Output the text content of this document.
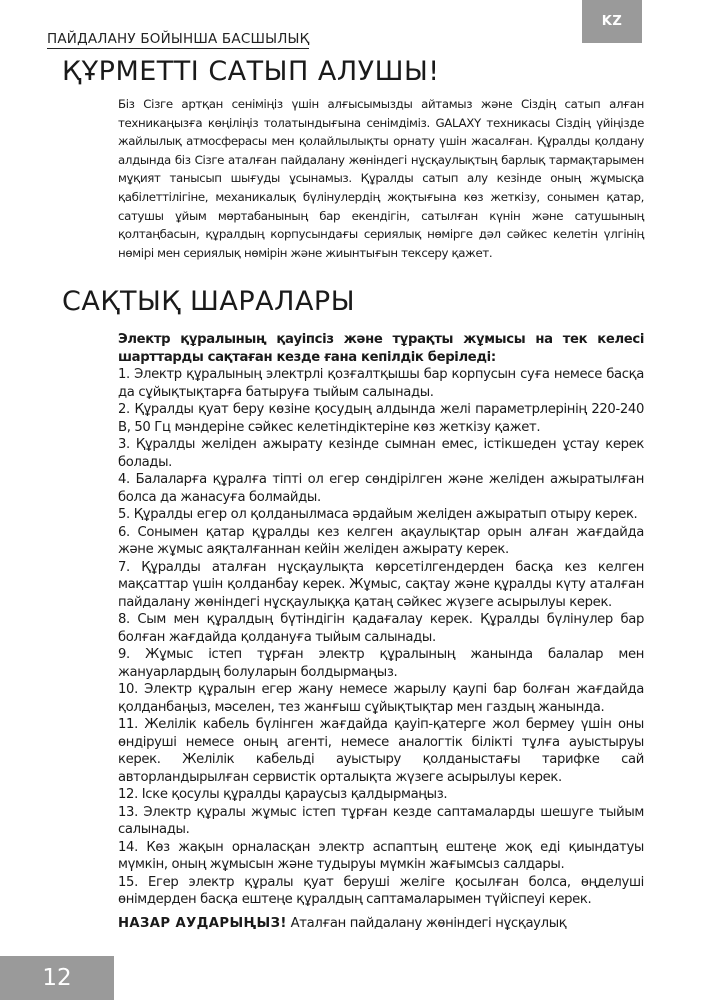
KZ
ПАЙДАЛАНУ БОЙЫНША БАСШЫЛЫҚ
ҚҰРМЕТТІ САТЫП АЛУШЫ!
Біз Сізге артқан сеніміңіз үшін алғысымызды айтамыз және Сіздің сатып алған техникаңызға көңіліңіз толатындығына сенімдіміз. GALAXY техникасы Сіздің үйіңізде жайлылық атмосферасы мен қолайлылықты орнату үшін жасалған. Құралды қолдану алдында біз Сізге аталған пайдалану жөніндегі нұсқаулықтың барлық тармақтарымен мұқият танысып шығуды ұсынамыз. Құралды сатып алу кезінде оның жұмысқа қабілеттілігіне, механикалық бүлінулердің жоқтығына көз жеткізу, сонымен қатар, сатушы ұйым мөртабанының бар екендігін, сатылған күнін және сатушының қолтаңбасын, құралдың корпусындағы сериялық нөмірге дәл сәйкес келетін үлгінің нөмірі мен сериялық нөмірін және жиынтығын тексеру қажет.
САҚТЫҚ ШАРАЛАРЫ

Электр құралының қауіпсіз және тұрақты жұмысы на тек келесі шарттарды сақтаған кезде ғана кепілдік беріледі:

1. Электр құралының электрлі қозғалтқышы бар корпусын суға немесе басқа да сұйықтықтарға батыруға тыйым салынады.

2. Құралды қуат беру көзіне қосудың алдында желі параметрлерінің 220-240 В, 50 Гц мәндеріне сәйкес келетіндіктеріне көз жеткізу қажет.

3. Құралды желіден ажырату кезінде сымнан емес, істікшеден ұстау керек болады.

4. Балаларға құралға тіпті ол егер сөндірілген және желіден ажыратылған болса да жанасуға болмайды.

5. Құралды егер ол қолданылмаса әрдайым желіден ажыратып отыру керек.

6. Сонымен қатар құралды кез келген ақаулықтар орын алған жағдайда және жұмыс аяқталғаннан кейін желіден ажырату керек.

7. Құралды аталған нұсқаулықта көрсетілгендерден басқа кез келген мақсаттар үшін қолданбау керек. Жұмыс, сақтау және құралды күту аталған пайдалану жөніндегі нұсқаулыққа қатаң сәйкес жүзеге асырылуы керек.

8. Сым мен құралдың бүтіндігін қадағалау керек. Құралды бүлінулер бар болған жағдайда қолдануға тыйым салынады.

9. Жұмыс істеп тұрған электр құралының жанында балалар мен жануарлардың болуларын болдырмаңыз.

10. Электр құралын егер жану немесе жарылу қаупі бар болған жағдайда қолданбаңыз, мәселен, тез жанғыш сұйықтықтар мен газдың жанында.

11. Желілік кабель бүлінген жағдайда қауіп-қатерге жол бермеу үшін оны өндіруші немесе оның агенті, немесе аналогтік білікті тұлға ауыстыруы керек. Желілік кабельді ауыстыру қолданыстағы тарифке сай авторландырылған сервистік орталықта жүзеге асырылуы керек.

12. Іске қосулы құралды қараусыз қалдырмаңыз.

13. Электр құралы жұмыс істеп тұрған кезде саптамаларды шешуге тыйым салынады.

14. Көз жақын орналасқан электр аспаптың ештеңе жоқ еді қиындатуы мүмкін, оның жұмысын және тудыруы мүмкін жағымсыз салдары.

15. Егер электр құралы қуат беруші желіге қосылған болса, өңделуші өнімдерден басқа ештеңе құралдың саптамаларымен түйіспеуі керек.

НАЗАР АУДАРЫҢЫЗ! Аталған пайдалану жөніндегі нұсқаулық

12
